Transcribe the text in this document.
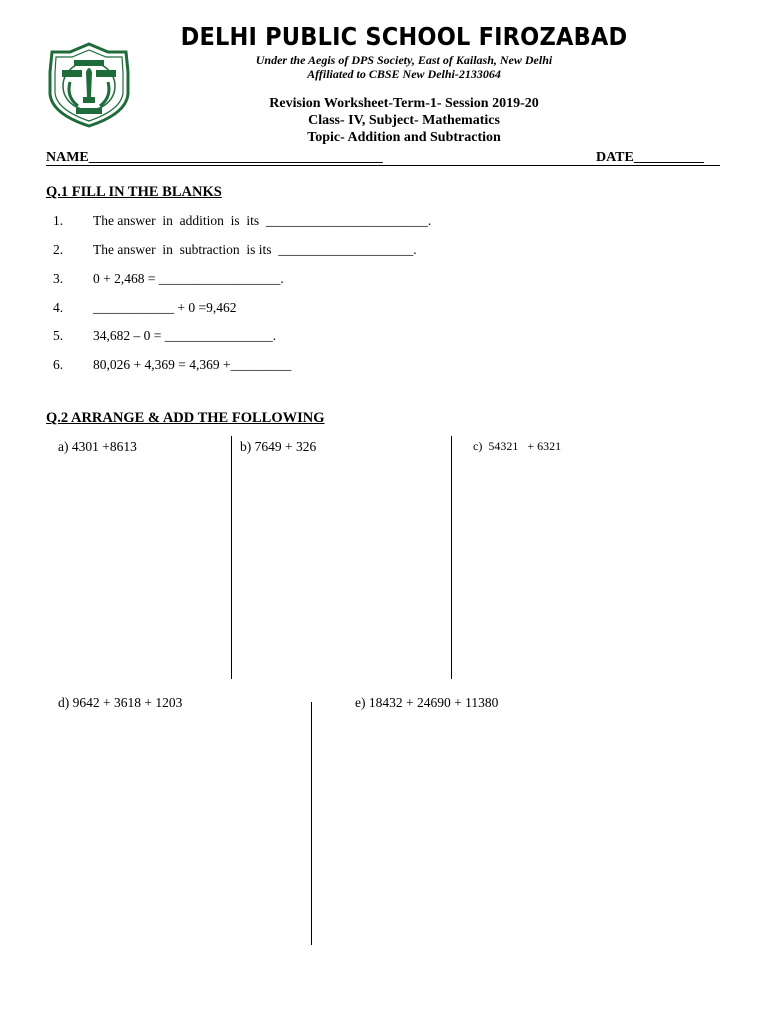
DELHI PUBLIC SCHOOL FIROZABAD
Under the Aegis of DPS Society, East of Kailash, New Delhi
Affiliated to CBSE New Delhi-2133064
Revision Worksheet-Term-1- Session 2019-20
Class- IV, Subject- Mathematics
Topic- Addition and Subtraction
NAME__________________________________________	DATE__________
Q.1 FILL IN THE BLANKS
1. The answer  in  addition  is  its  ________________________.
2. The answer  in  subtraction  is its  ____________________.
3. 0 + 2,468 = __________________.
4. ____________ + 0 =9,462
5. 34,682 – 0 = ________________.
6. 80,026 + 4,369 = 4,369 +_________
Q.2 ARRANGE & ADD THE FOLLOWING
a) 4301 +8613	b) 7649 + 326	c)  54321   + 6321
d) 9642 + 3618 + 1203	e) 18432 + 24690 + 11380
